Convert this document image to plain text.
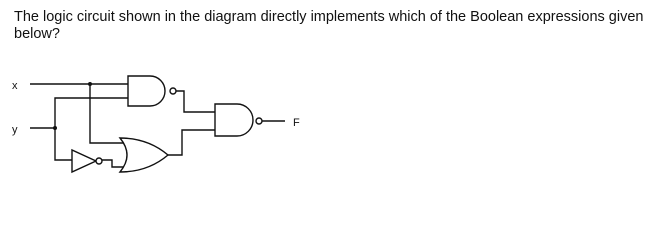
The logic circuit shown in the diagram directly implements which of the Boolean expressions given below?

x
y
F
